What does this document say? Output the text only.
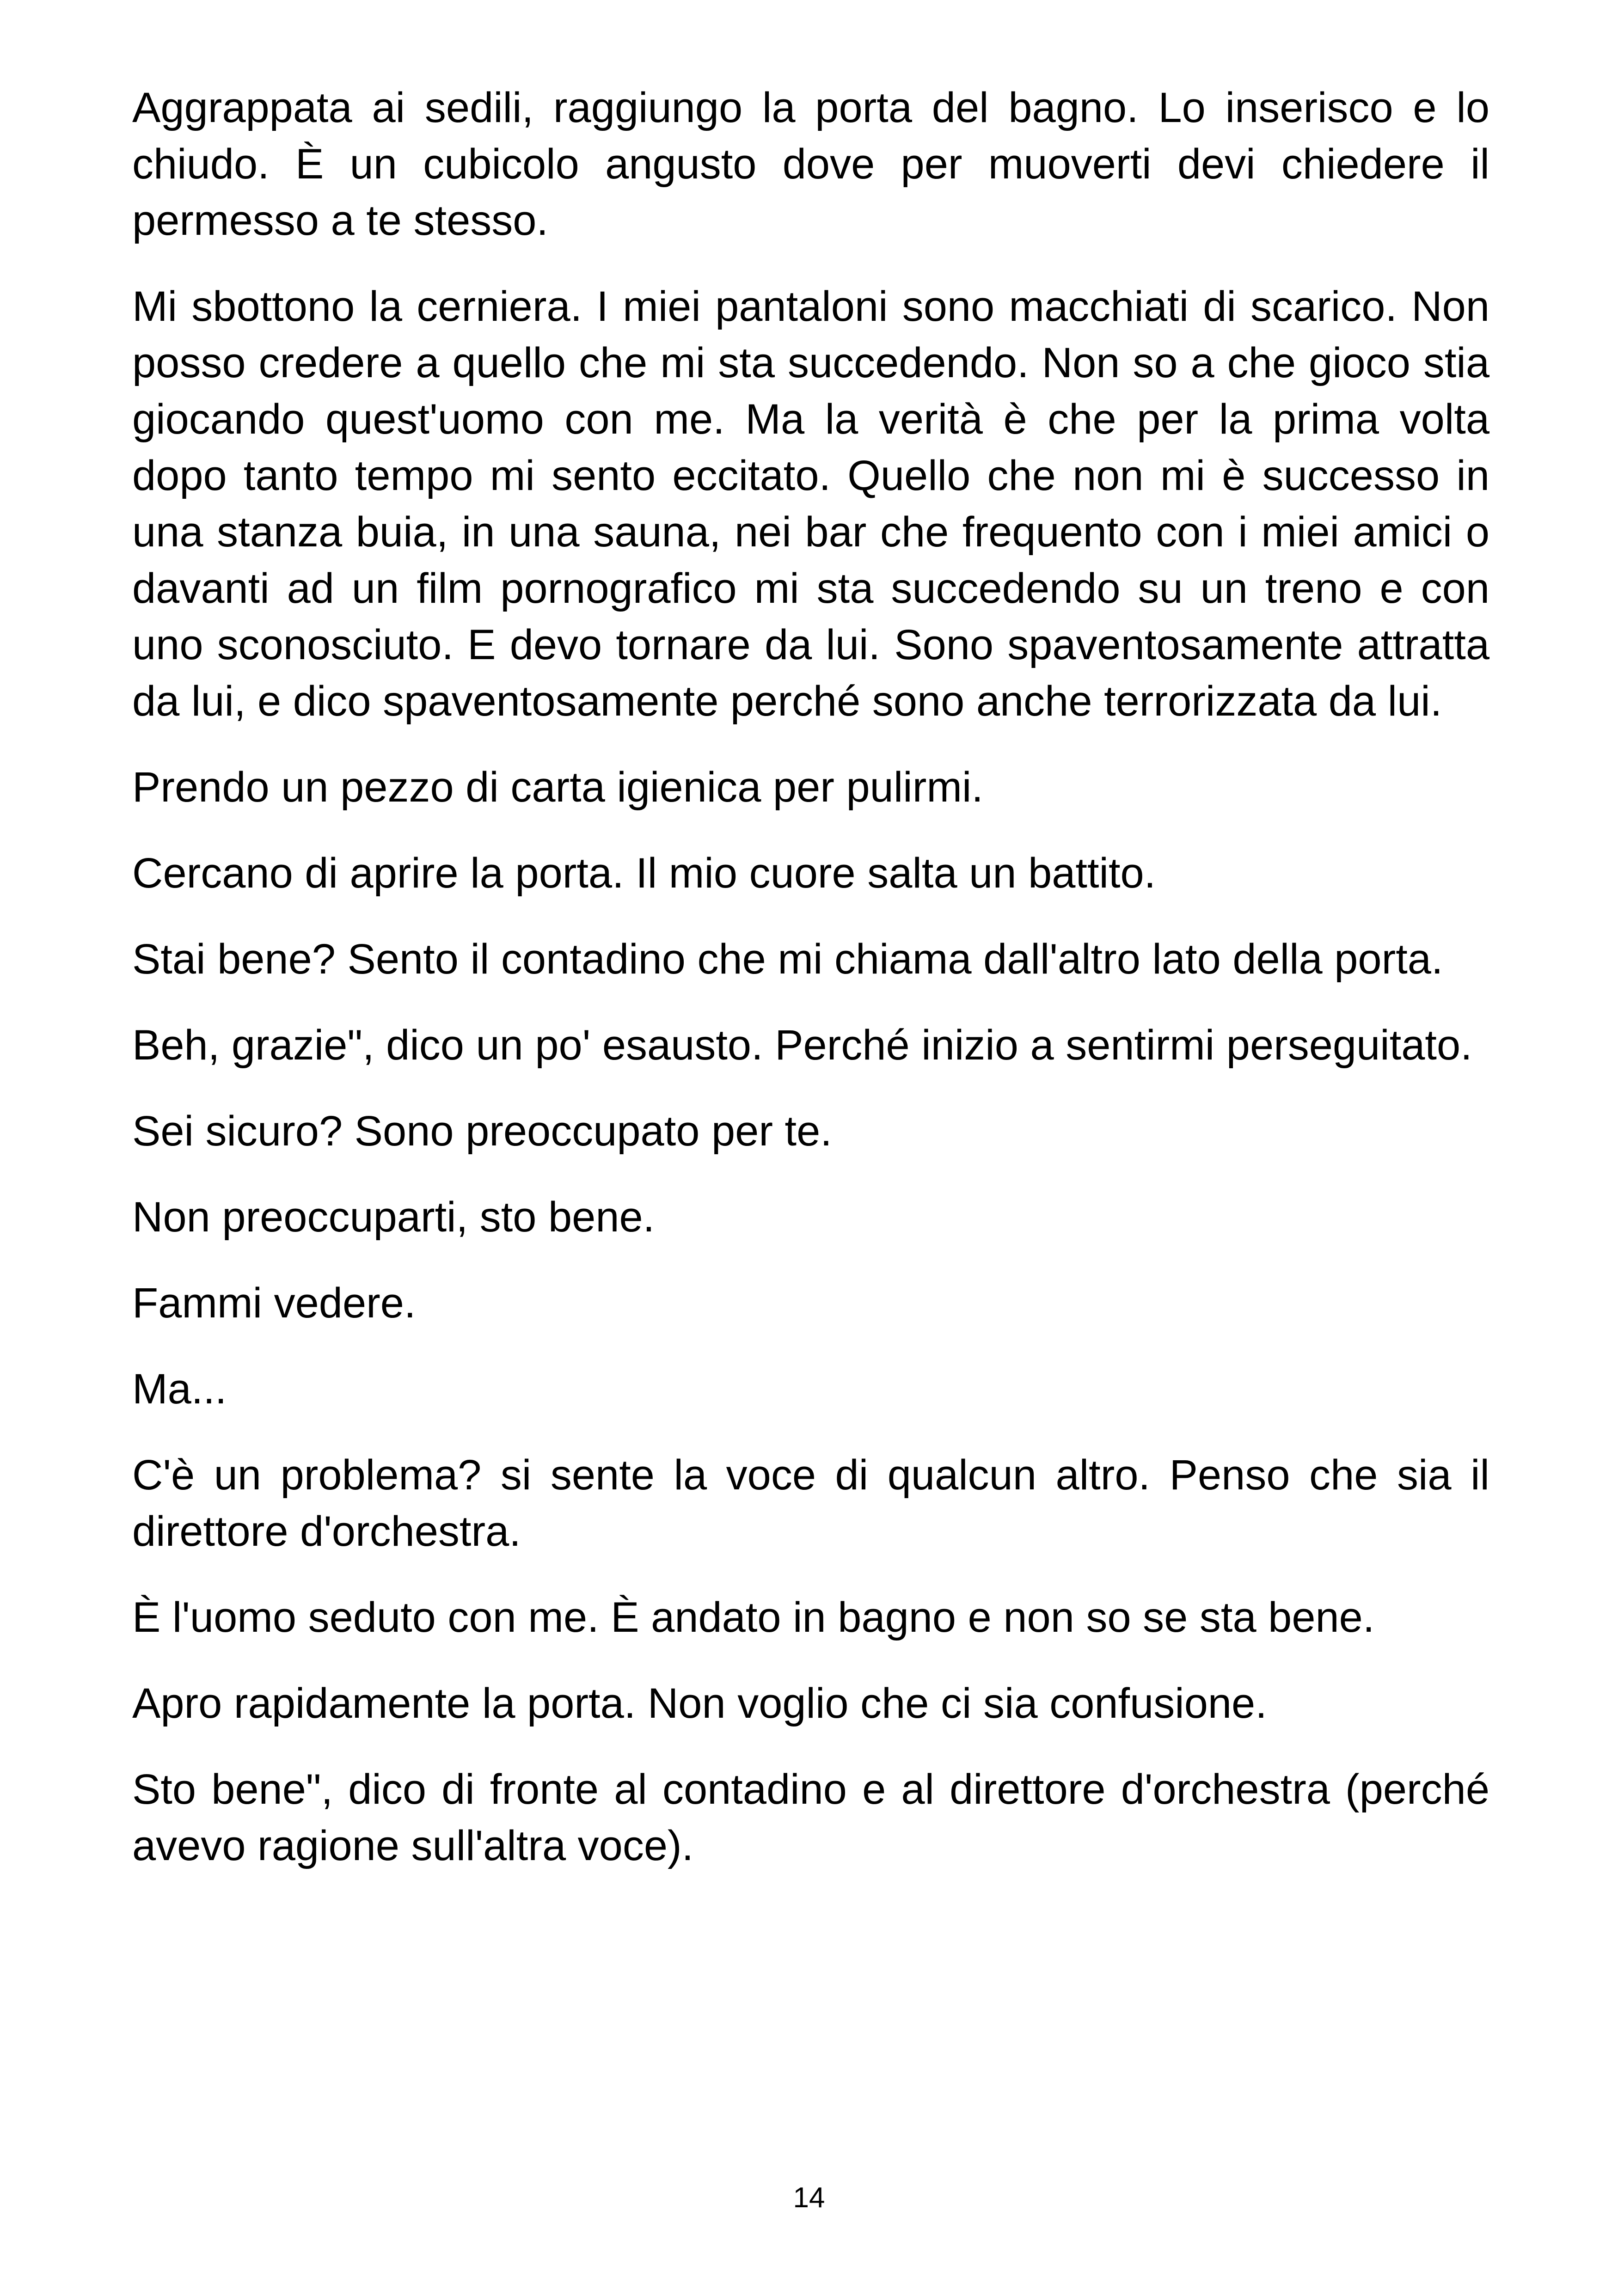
Aggrappata ai sedili, raggiungo la porta del bagno. Lo inserisco e lo chiudo. È un cubicolo angusto dove per muoverti devi chiedere il permesso a te stesso.

Mi sbottono la cerniera. I miei pantaloni sono macchiati di scarico. Non posso credere a quello che mi sta succedendo. Non so a che gioco stia giocando quest'uomo con me. Ma la verità è che per la prima volta dopo tanto tempo mi sento eccitato. Quello che non mi è successo in una stanza buia, in una sauna, nei bar che frequento con i miei amici o davanti ad un film pornografico mi sta succedendo su un treno e con uno sconosciuto. E devo tornare da lui. Sono spaventosamente attratta da lui, e dico spaventosamente perché sono anche terrorizzata da lui.

Prendo un pezzo di carta igienica per pulirmi.

Cercano di aprire la porta. Il mio cuore salta un battito.

Stai bene? Sento il contadino che mi chiama dall'altro lato della porta.

Beh, grazie", dico un po' esausto. Perché inizio a sentirmi perseguitato.

Sei sicuro? Sono preoccupato per te.

Non preoccuparti, sto bene.

Fammi vedere.

Ma...

C'è un problema? si sente la voce di qualcun altro. Penso che sia il direttore d'orchestra.

È l'uomo seduto con me. È andato in bagno e non so se sta bene.

Apro rapidamente la porta. Non voglio che ci sia confusione.

Sto bene", dico di fronte al contadino e al direttore d'orchestra (perché avevo ragione sull'altra voce).

14
